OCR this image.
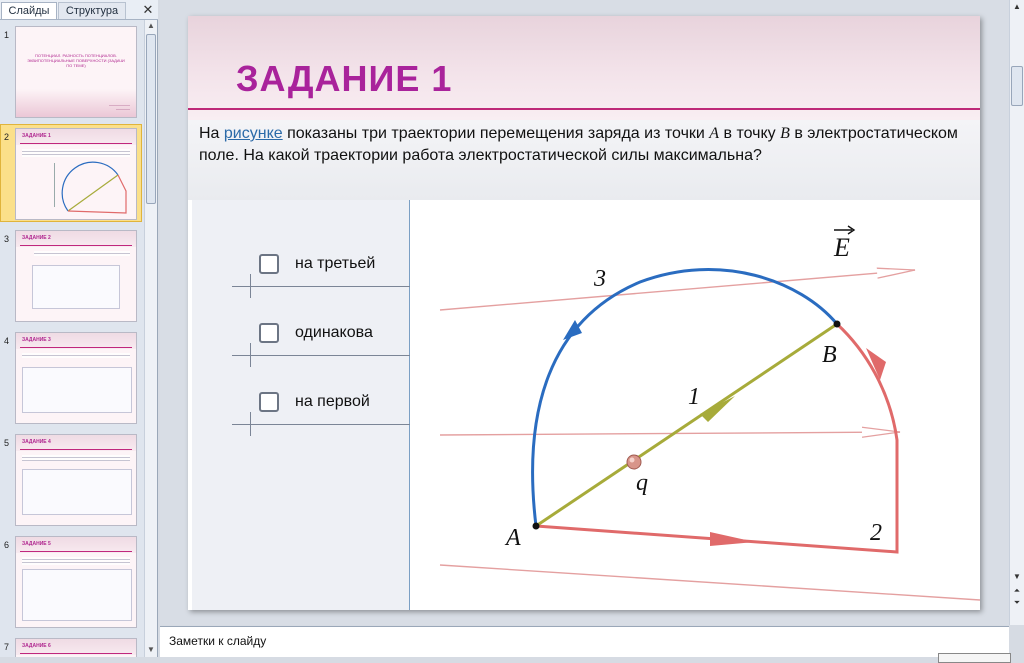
Слайды	Структура	✕
1
ПОТЕНЦИАЛ. РАЗНОСТЬ ПОТЕНЦИАЛОВ. ЭКВИПОТЕНЦИАЛЬНЫЕ ПОВЕРХНОСТИ (ЗАДАЧИ ПО ТЕМЕ)
——————
————
2	ЗАДАНИЕ 1
3	ЗАДАНИЕ 2
4	ЗАДАНИЕ 3
5	ЗАДАНИЕ 4
6	ЗАДАНИЕ 5
7	ЗАДАНИЕ 6
▲
▼
ЗАДАНИЕ 1
На рисунке показаны три траектории перемещения заряда из точки A в точку B в электростатическом поле. На какой траектории работа электростатической силы максимальна?
на третьей
одинакова
на первой
A
B
q
1
2
3
E
▲
▼
⏶
⏷
Заметки к слайду
